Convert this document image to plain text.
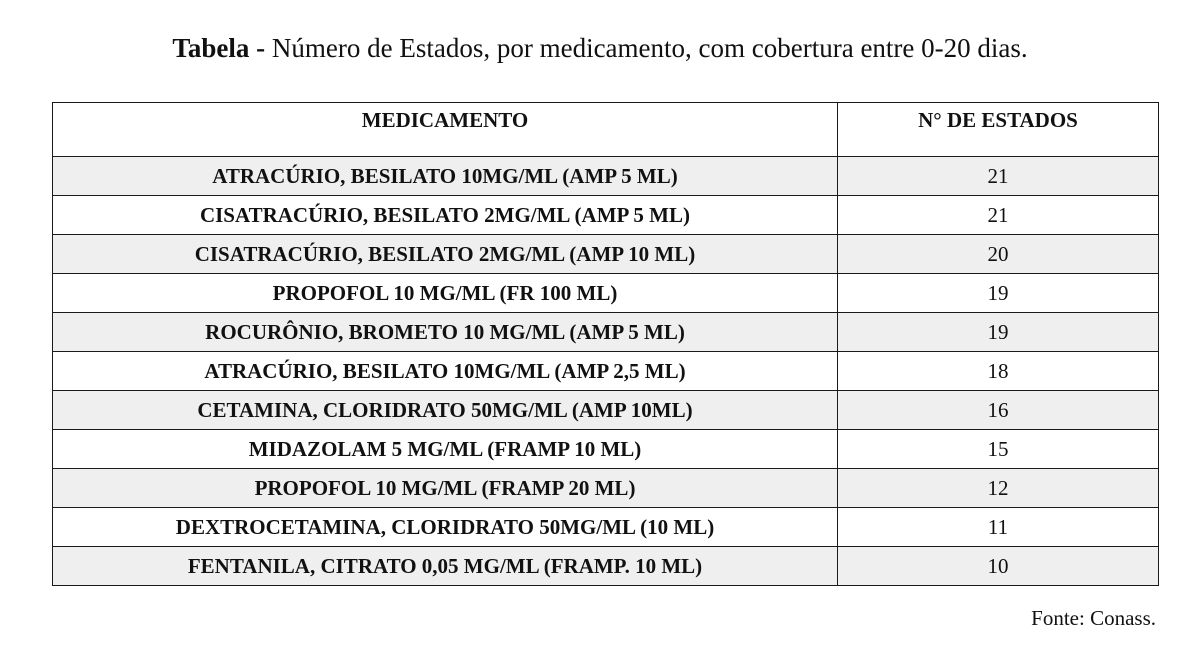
Tabela - Número de Estados, por medicamento, com cobertura entre 0-20 dias.
MEDICAMENTO	N° DE ESTADOS
ATRACÚRIO, BESILATO 10MG/ML (AMP 5 ML)	21
CISATRACÚRIO, BESILATO 2MG/ML (AMP 5 ML)	21
CISATRACÚRIO, BESILATO 2MG/ML (AMP 10 ML)	20
PROPOFOL 10 MG/ML (FR 100 ML)	19
ROCURÔNIO, BROMETO 10 MG/ML (AMP 5 ML)	19
ATRACÚRIO, BESILATO 10MG/ML (AMP 2,5 ML)	18
CETAMINA, CLORIDRATO 50MG/ML (AMP 10ML)	16
MIDAZOLAM 5 MG/ML (FRAMP 10 ML)	15
PROPOFOL 10 MG/ML (FRAMP 20 ML)	12
DEXTROCETAMINA, CLORIDRATO 50MG/ML (10 ML)	11
FENTANILA, CITRATO 0,05 MG/ML (FRAMP. 10 ML)	10
Fonte: Conass.
